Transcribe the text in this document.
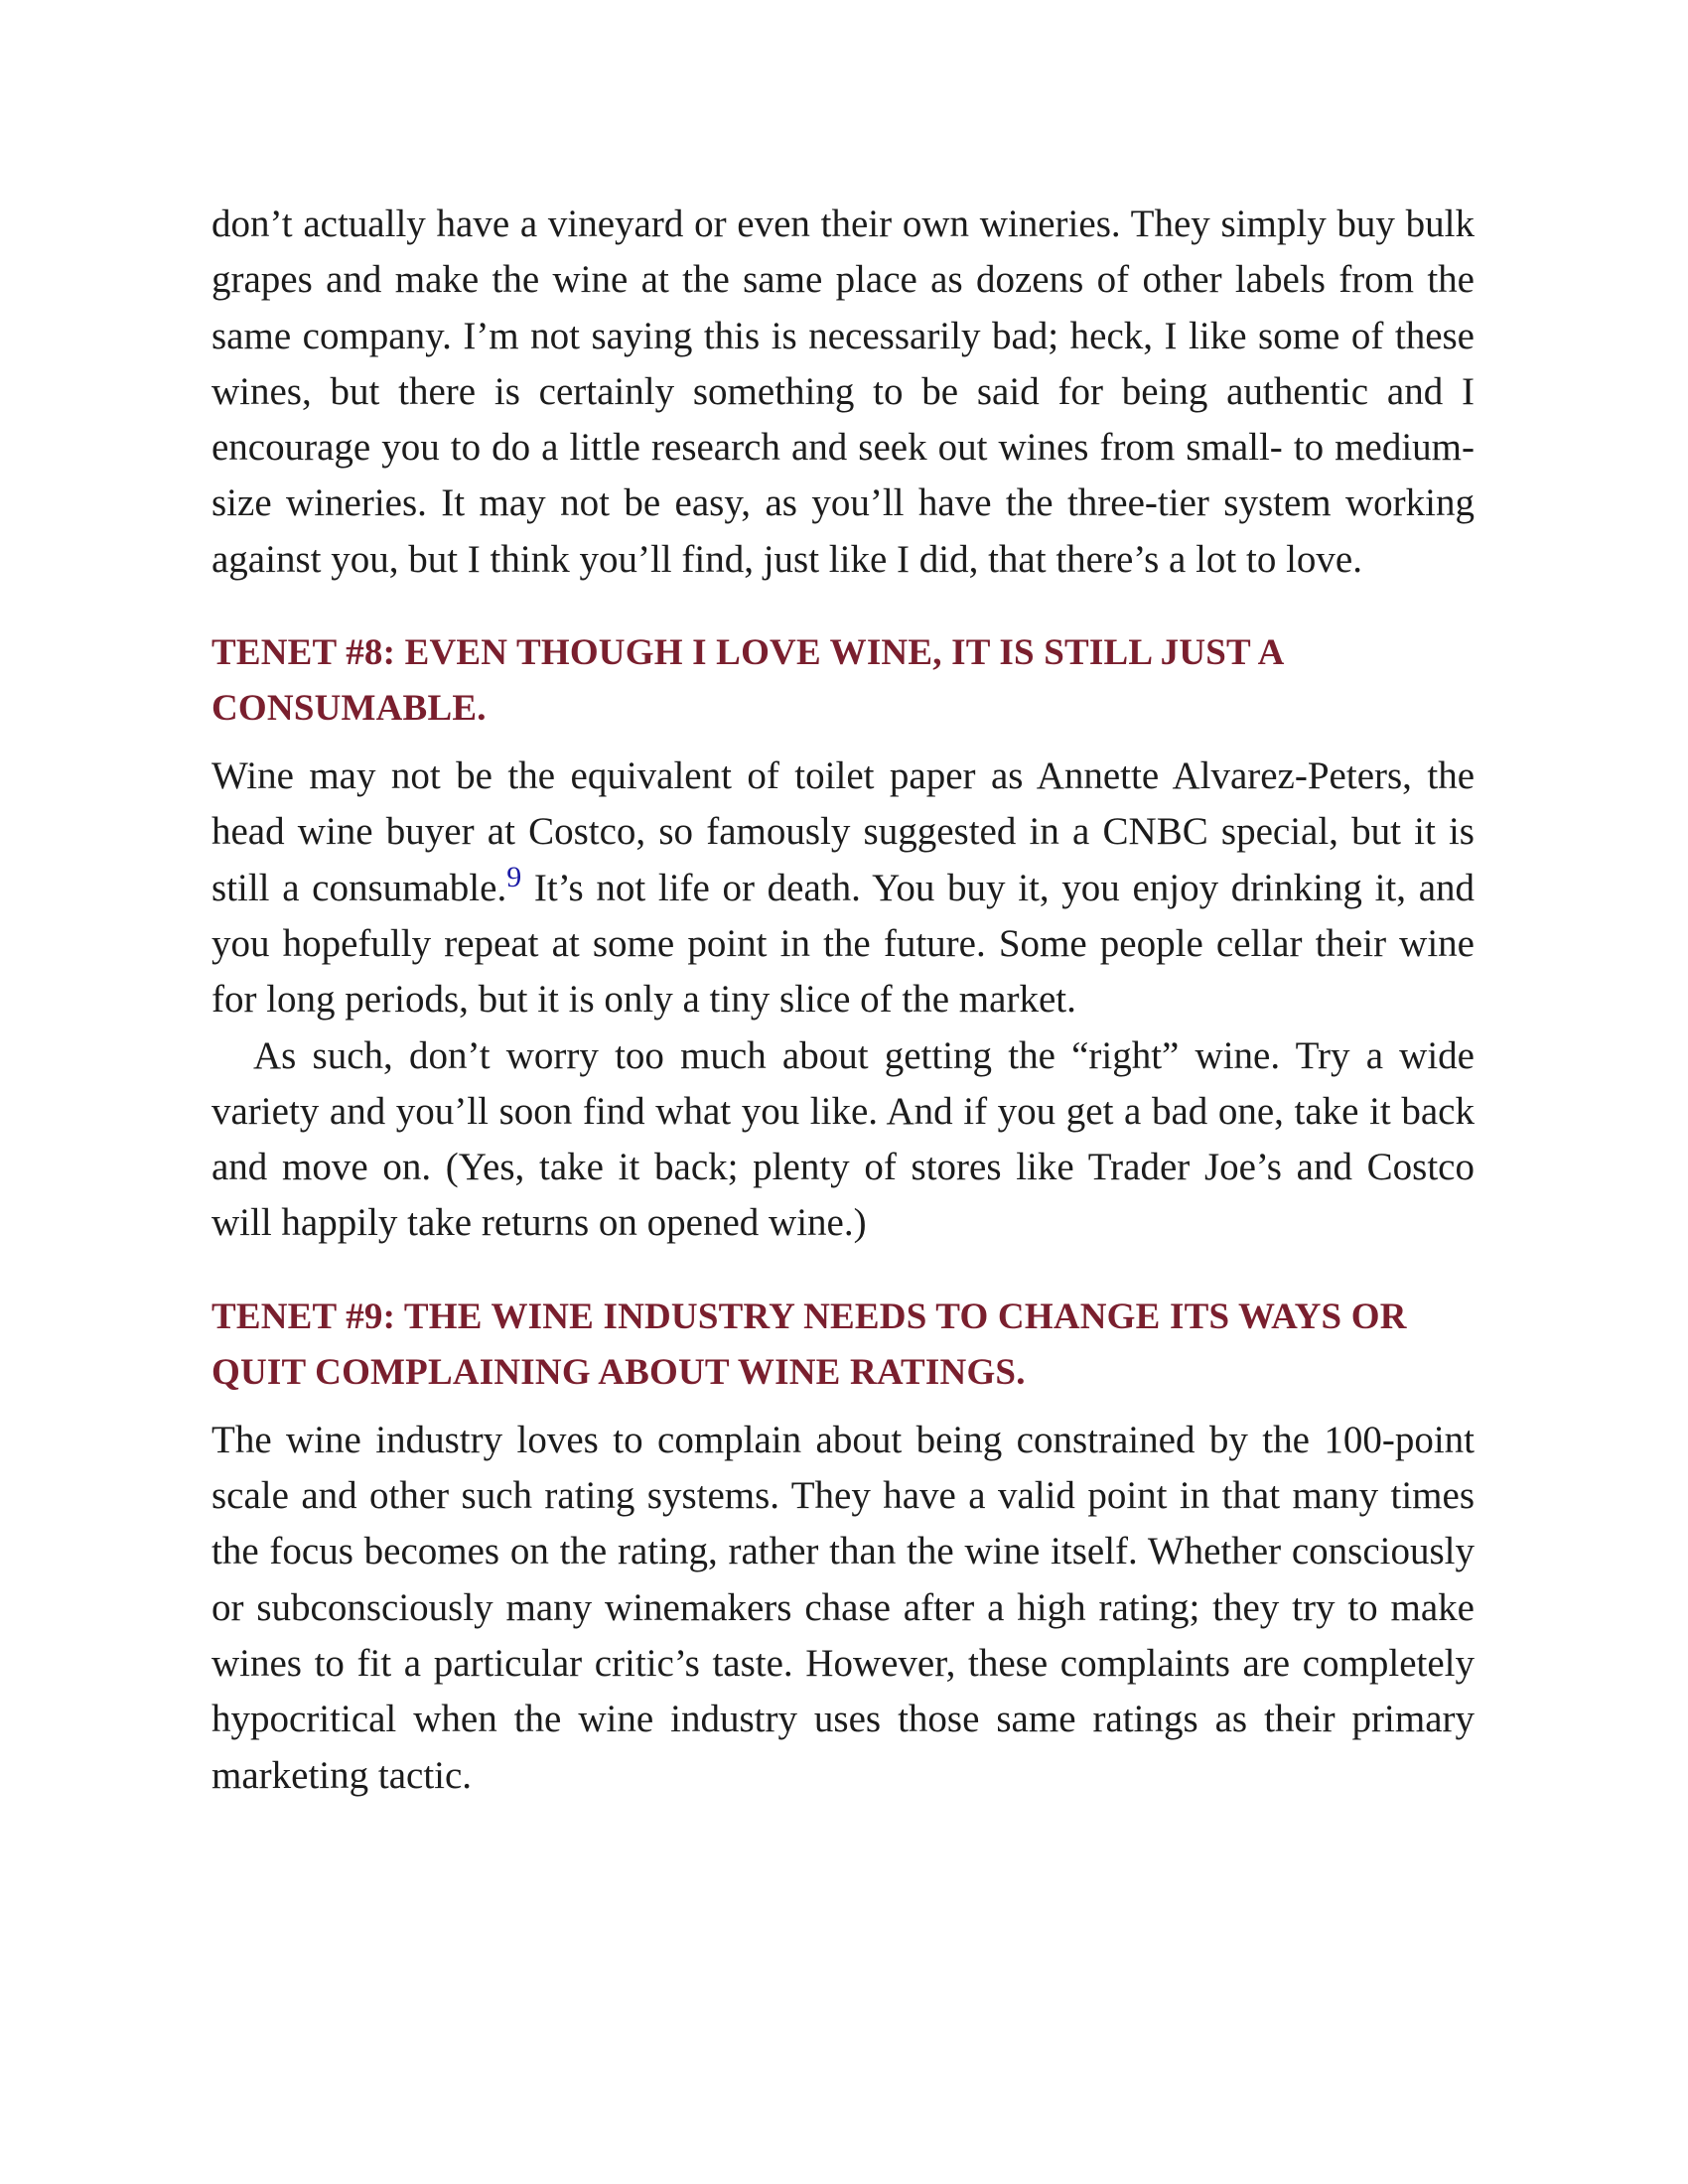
don’t actually have a vineyard or even their own wineries. They simply buy bulk grapes and make the wine at the same place as dozens of other labels from the same company. I’m not saying this is necessarily bad; heck, I like some of these wines, but there is certainly something to be said for being authentic and I encourage you to do a little research and seek out wines from small- to medium-size wineries. It may not be easy, as you’ll have the three-tier system working against you, but I think you’ll find, just like I did, that there’s a lot to love.

TENET #8: EVEN THOUGH I LOVE WINE, IT IS STILL JUST A CONSUMABLE.

Wine may not be the equivalent of toilet paper as Annette Alvarez-Peters, the head wine buyer at Costco, so famously suggested in a CNBC special, but it is still a consumable.$^9$ It’s not life or death. You buy it, you enjoy drinking it, and you hopefully repeat at some point in the future. Some people cellar their wine for long periods, but it is only a tiny slice of the market.

As such, don’t worry too much about getting the “right” wine. Try a wide variety and you’ll soon find what you like. And if you get a bad one, take it back and move on. (Yes, take it back; plenty of stores like Trader Joe’s and Costco will happily take returns on opened wine.)

TENET #9: THE WINE INDUSTRY NEEDS TO CHANGE ITS WAYS OR QUIT COMPLAINING ABOUT WINE RATINGS.

The wine industry loves to complain about being constrained by the 100-point scale and other such rating systems. They have a valid point in that many times the focus becomes on the rating, rather than the wine itself. Whether consciously or subconsciously many winemakers chase after a high rating; they try to make wines to fit a particular critic’s taste. However, these complaints are completely hypocritical when the wine industry uses those same ratings as their primary marketing tactic.
